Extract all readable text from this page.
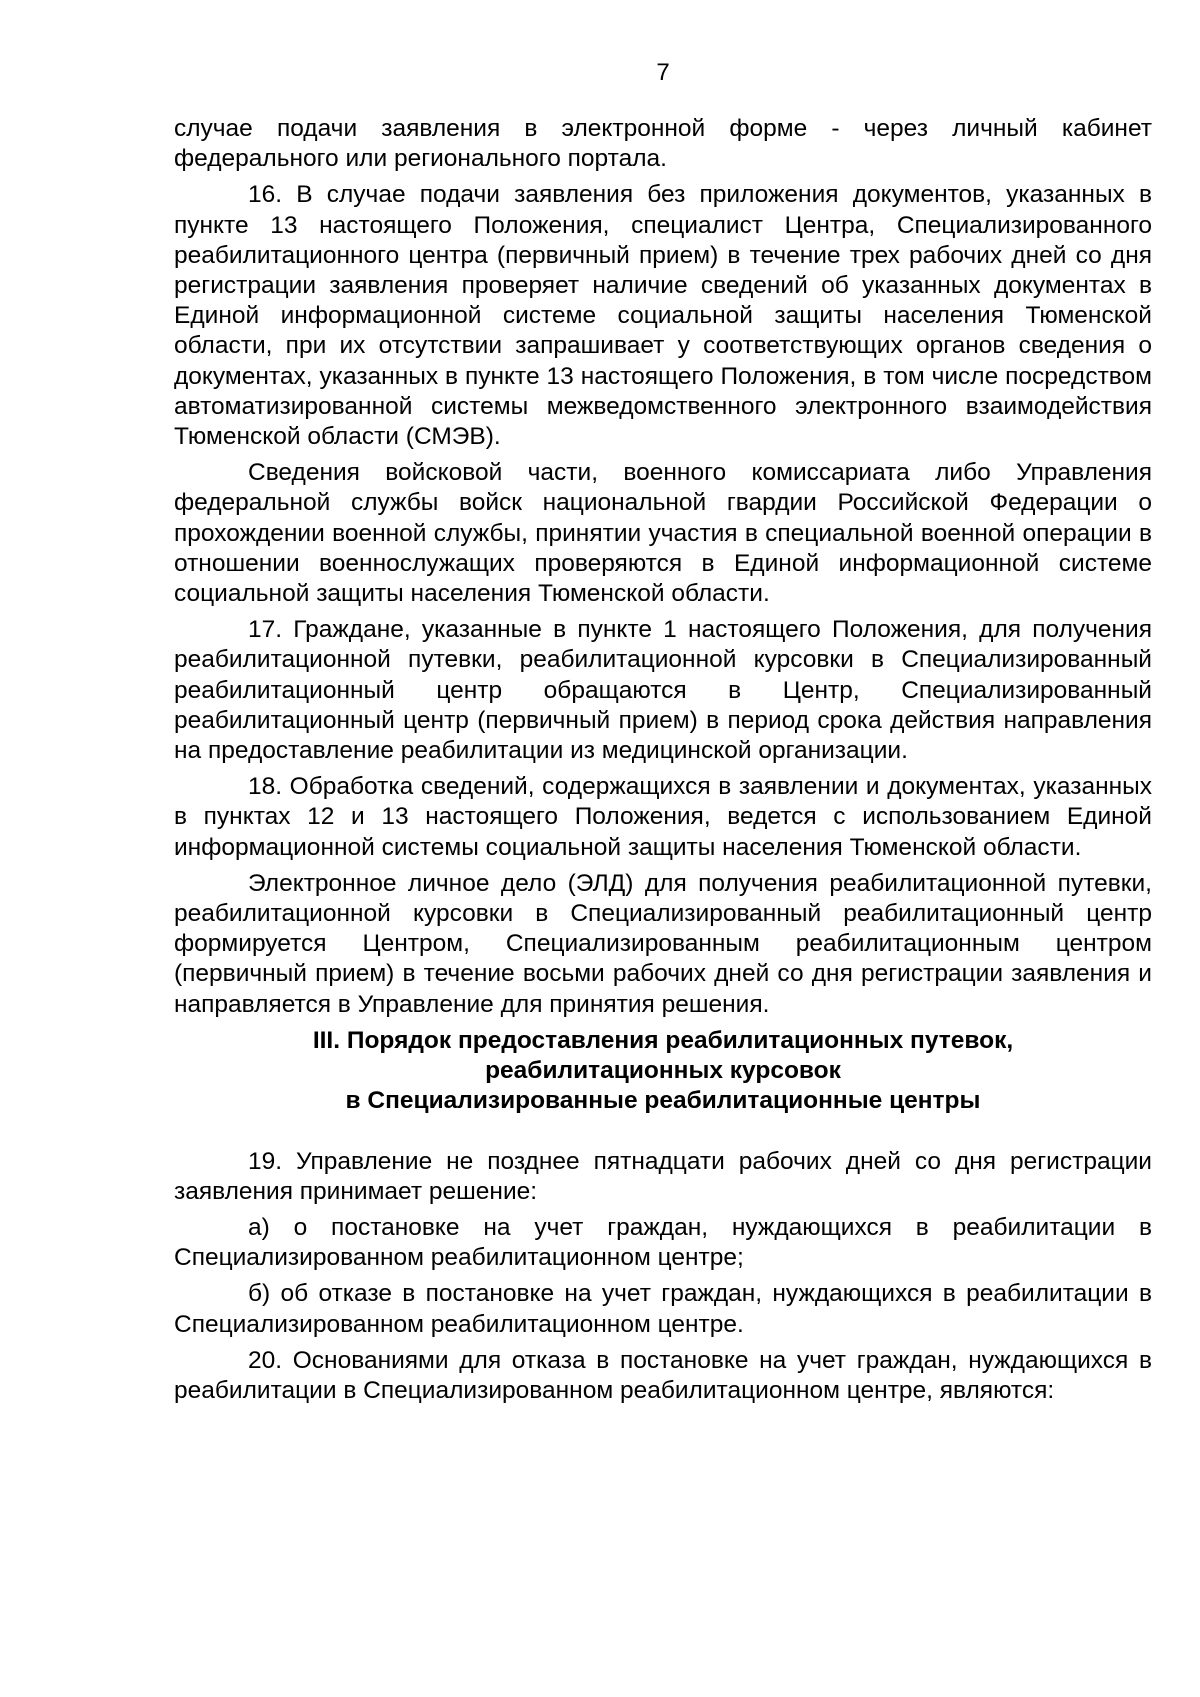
7

случае подачи заявления в электронной форме - через личный кабинет федерального или регионального портала.

16. В случае подачи заявления без приложения документов, указанных в пункте 13 настоящего Положения, специалист Центра, Специализированного реабилитационного центра (первичный прием) в течение трех рабочих дней со дня регистрации заявления проверяет наличие сведений об указанных документах в Единой информационной системе социальной защиты населения Тюменской области, при их отсутствии запрашивает у соответствующих органов сведения о документах, указанных в пункте 13 настоящего Положения, в том числе посредством автоматизированной системы межведомственного электронного взаимодействия Тюменской области (СМЭВ).

Сведения войсковой части, военного комиссариата либо Управления федеральной службы войск национальной гвардии Российской Федерации о прохождении военной службы, принятии участия в специальной военной операции в отношении военнослужащих проверяются в Единой информационной системе социальной защиты населения Тюменской области.

17. Граждане, указанные в пункте 1 настоящего Положения, для получения реабилитационной путевки, реабилитационной курсовки в Специализированный реабилитационный центр обращаются в Центр, Специализированный реабилитационный центр (первичный прием) в период срока действия направления на предоставление реабилитации из медицинской организации.

18. Обработка сведений, содержащихся в заявлении и документах, указанных в пунктах 12 и 13 настоящего Положения, ведется с использованием Единой информационной системы социальной защиты населения Тюменской области.

Электронное личное дело (ЭЛД) для получения реабилитационной путевки, реабилитационной курсовки в Специализированный реабилитационный центр формируется Центром, Специализированным реабилитационным центром (первичный прием) в течение восьми рабочих дней со дня регистрации заявления и направляется в Управление для принятия решения.

III. Порядок предоставления реабилитационных путевок,
реабилитационных курсовок
в Специализированные реабилитационные центры

19. Управление не позднее пятнадцати рабочих дней со дня регистрации заявления принимает решение:

а) о постановке на учет граждан, нуждающихся в реабилитации в Специализированном реабилитационном центре;

б) об отказе в постановке на учет граждан, нуждающихся в реабилитации в Специализированном реабилитационном центре.

20. Основаниями для отказа в постановке на учет граждан, нуждающихся в реабилитации в Специализированном реабилитационном центре, являются:
